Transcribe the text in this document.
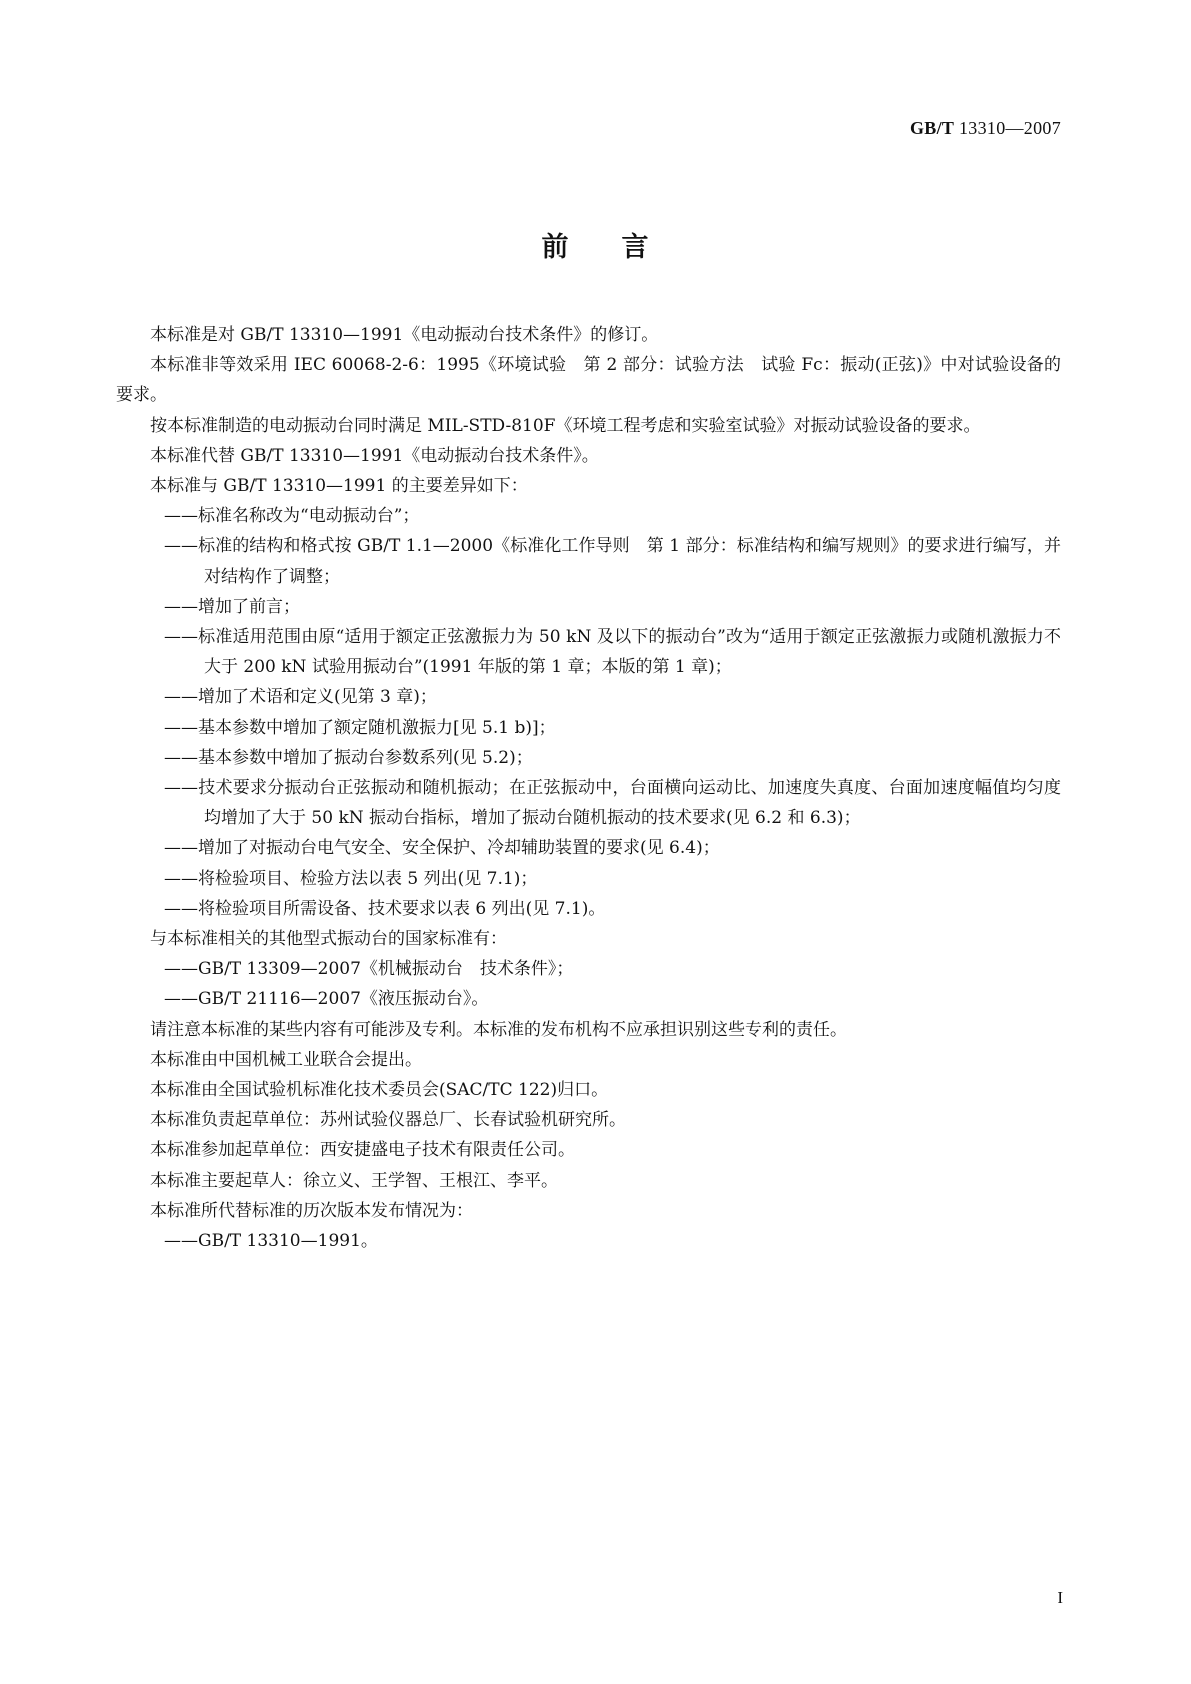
GB/T 13310—2007
前 言

本标准是对 GB/T 13310—1991《电动振动台技术条件》的修订。

本标准非等效采用 IEC 60068-2-6：1995《环境试验　第 2 部分：试验方法　试验 Fc：振动(正弦)》中对试验设备的要求。

按本标准制造的电动振动台同时满足 MIL-STD-810F《环境工程考虑和实验室试验》对振动试验设备的要求。

本标准代替 GB/T 13310—1991《电动振动台技术条件》。

本标准与 GB/T 13310—1991 的主要差异如下：

——标准名称改为“电动振动台”；

——标准的结构和格式按 GB/T 1.1—2000《标准化工作导则　第 1 部分：标准结构和编写规则》的要求进行编写，并对结构作了调整；

——增加了前言；

——标准适用范围由原“适用于额定正弦激振力为 50 kN 及以下的振动台”改为“适用于额定正弦激振力或随机激振力不大于 200 kN 试验用振动台”(1991 年版的第 1 章；本版的第 1 章)；

——增加了术语和定义(见第 3 章)；

——基本参数中增加了额定随机激振力[见 5.1 b)]；

——基本参数中增加了振动台参数系列(见 5.2)；

——技术要求分振动台正弦振动和随机振动；在正弦振动中，台面横向运动比、加速度失真度、台面加速度幅值均匀度均增加了大于 50 kN 振动台指标，增加了振动台随机振动的技术要求(见 6.2 和 6.3)；

——增加了对振动台电气安全、安全保护、冷却辅助装置的要求(见 6.4)；

——将检验项目、检验方法以表 5 列出(见 7.1)；

——将检验项目所需设备、技术要求以表 6 列出(见 7.1)。

与本标准相关的其他型式振动台的国家标准有：

——GB/T 13309—2007《机械振动台　技术条件》；

——GB/T 21116—2007《液压振动台》。

请注意本标准的某些内容有可能涉及专利。本标准的发布机构不应承担识别这些专利的责任。

本标准由中国机械工业联合会提出。

本标准由全国试验机标准化技术委员会(SAC/TC 122)归口。

本标准负责起草单位：苏州试验仪器总厂、长春试验机研究所。

本标准参加起草单位：西安捷盛电子技术有限责任公司。

本标准主要起草人：徐立义、王学智、王根江、李平。

本标准所代替标准的历次版本发布情况为：

——GB/T 13310—1991。

I
